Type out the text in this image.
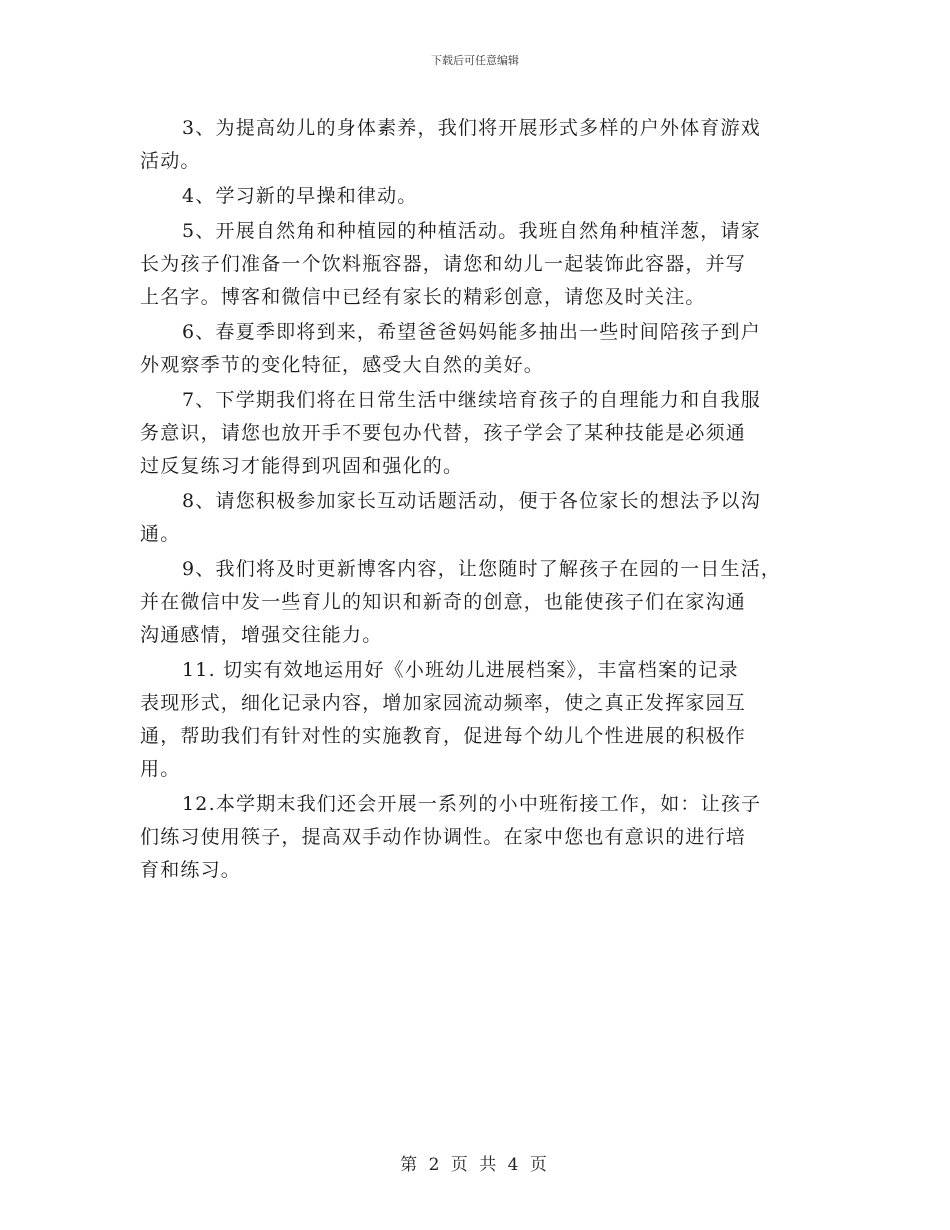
下载后可任意编辑

3、为提高幼儿的身体素养，我们将开展形式多样的户外体育游戏
活动。

4、学习新的早操和律动。

5、开展自然角和种植园的种植活动。我班自然角种植洋葱，请家
长为孩子们准备一个饮料瓶容器，请您和幼儿一起装饰此容器，并写
上名字。博客和微信中已经有家长的精彩创意，请您及时关注。

6、春夏季即将到来，希望爸爸妈妈能多抽出一些时间陪孩子到户
外观察季节的变化特征，感受大自然的美好。

7、下学期我们将在日常生活中继续培育孩子的自理能力和自我服
务意识，请您也放开手不要包办代替，孩子学会了某种技能是必须通
过反复练习才能得到巩固和强化的。

8、请您积极参加家长互动话题活动，便于各位家长的想法予以沟
通。

9、我们将及时更新博客内容，让您随时了解孩子在园的一日生活，
并在微信中发一些育儿的知识和新奇的创意，也能使孩子们在家沟通
沟通感情，增强交往能力。

11. 切实有效地运用好《小班幼儿进展档案》，丰富档案的记录
表现形式，细化记录内容，增加家园流动频率，使之真正发挥家园互
通，帮助我们有针对性的实施教育，促进每个幼儿个性进展的积极作
用。

12.本学期末我们还会开展一系列的小中班衔接工作，如：让孩子
们练习使用筷子，提高双手动作协调性。在家中您也有意识的进行培
育和练习。

第 2 页 共 4 页
